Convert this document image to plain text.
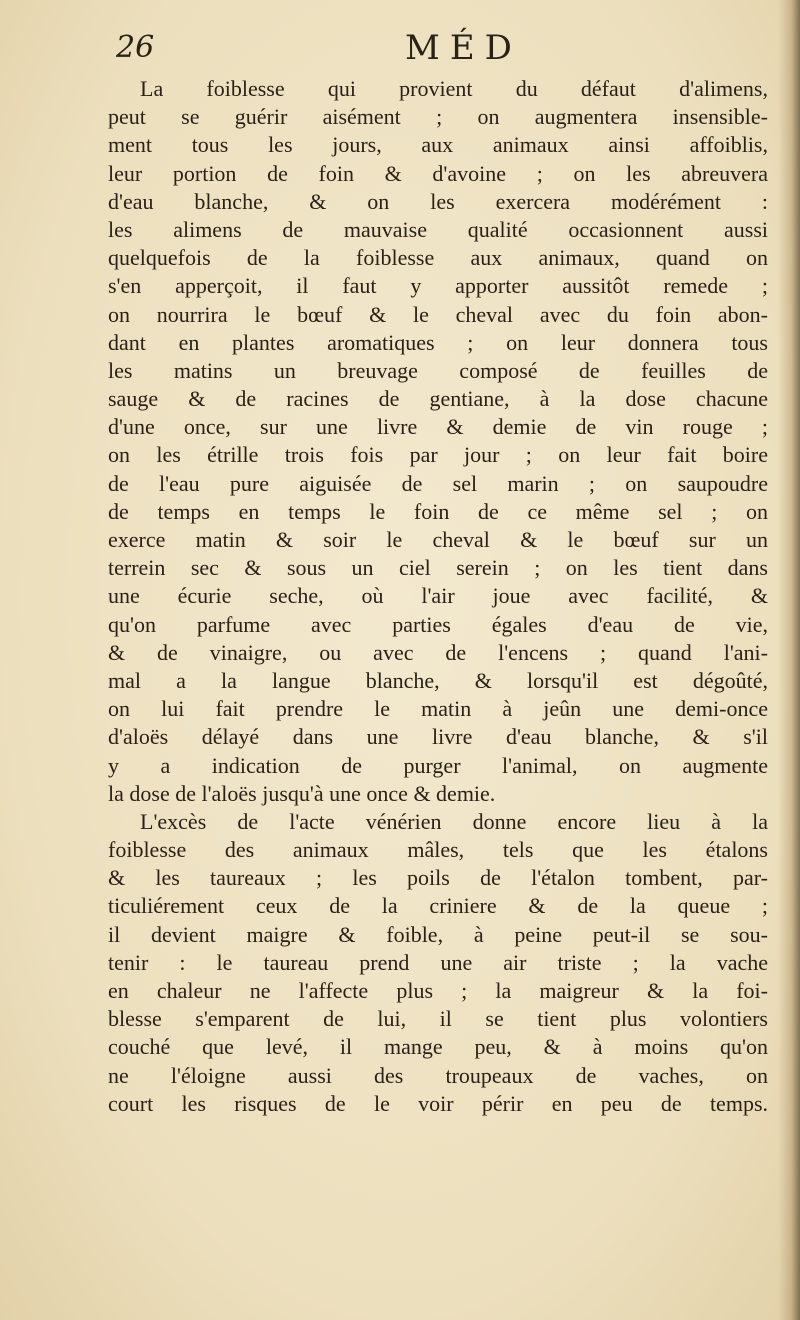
26	MÉD
La foiblesse qui provient du défaut d'alimens,
peut se guérir aisément ; on augmentera insensible-
ment tous les jours, aux animaux ainsi affoiblis,
leur portion de foin & d'avoine ; on les abreuvera
d'eau blanche, & on les exercera modérément :
les alimens de mauvaise qualité occasionnent aussi
quelquefois de la foiblesse aux animaux, quand on
s'en apperçoit, il faut y apporter aussitôt remede ;
on nourrira le bœuf & le cheval avec du foin abon-
dant en plantes aromatiques ; on leur donnera tous
les matins un breuvage composé de feuilles de
sauge & de racines de gentiane, à la dose chacune
d'une once, sur une livre & demie de vin rouge ;
on les étrille trois fois par jour ; on leur fait boire
de l'eau pure aiguisée de sel marin ; on saupoudre
de temps en temps le foin de ce même sel ; on
exerce matin & soir le cheval & le bœuf sur un
terrein sec & sous un ciel serein ; on les tient dans
une écurie seche, où l'air joue avec facilité, &
qu'on parfume avec parties égales d'eau de vie,
& de vinaigre, ou avec de l'encens ; quand l'ani-
mal a la langue blanche, & lorsqu'il est dégoûté,
on lui fait prendre le matin à jeûn une demi-once
d'aloës délayé dans une livre d'eau blanche, & s'il
y a indication de purger l'animal, on augmente
la dose de l'aloës jusqu'à une once & demie.
L'excès de l'acte vénérien donne encore lieu à la
foiblesse des animaux mâles, tels que les étalons
& les taureaux ; les poils de l'étalon tombent, par-
ticuliérement ceux de la criniere & de la queue ;
il devient maigre & foible, à peine peut-il se sou-
tenir : le taureau prend une air triste ; la vache
en chaleur ne l'affecte plus ; la maigreur & la foi-
blesse s'emparent de lui, il se tient plus volontiers
couché que levé, il mange peu, & à moins qu'on
ne l'éloigne aussi des troupeaux de vaches, on
court les risques de le voir périr en peu de temps.
